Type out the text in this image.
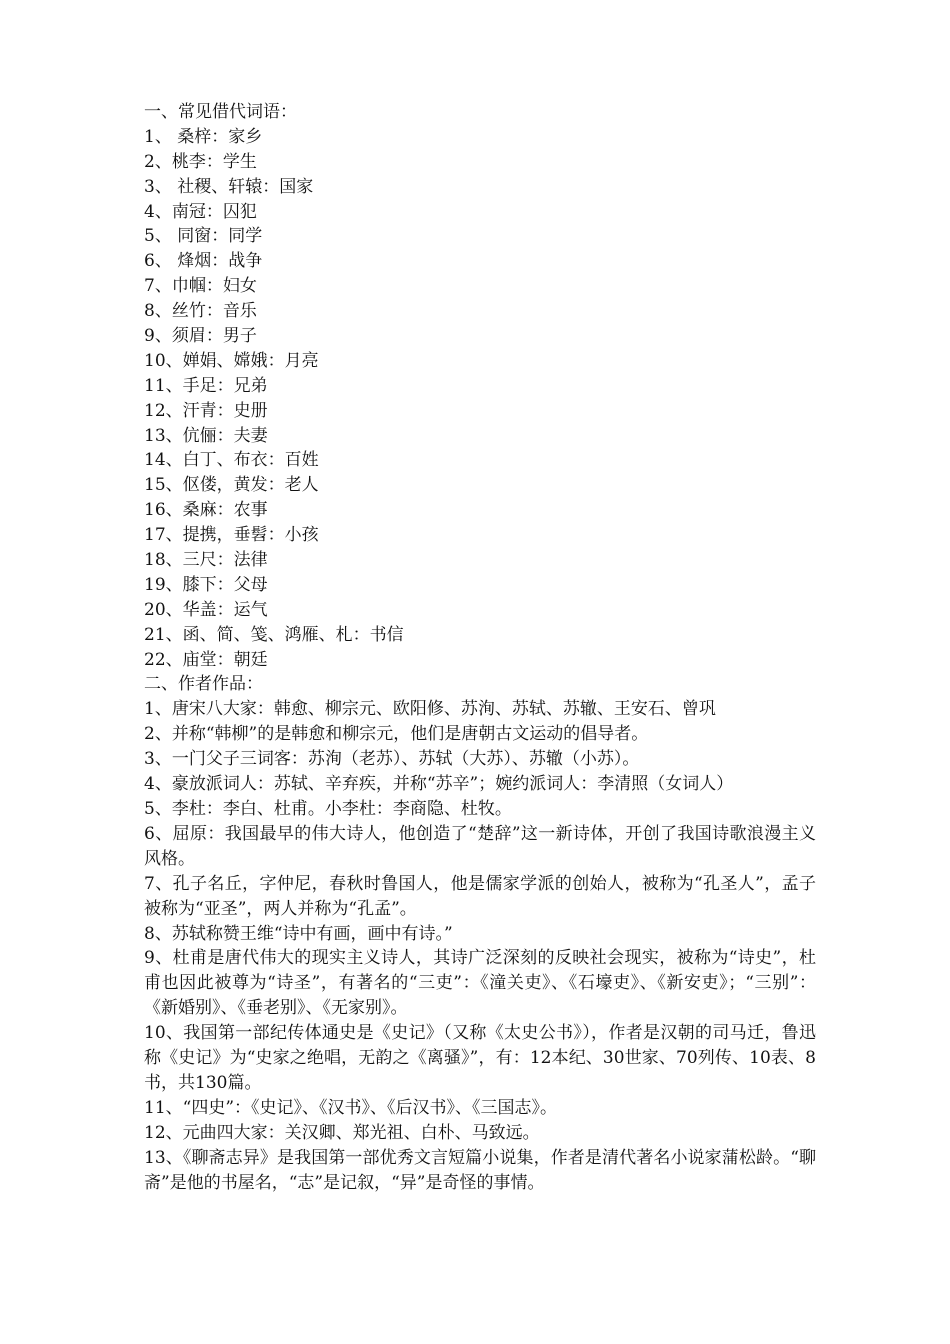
一、常见借代词语：
1、 桑梓：家乡
2、桃李：学生
3、 社稷、轩辕：国家
4、南冠：囚犯
5、 同窗：同学
6、 烽烟：战争
7、巾帼：妇女
8、丝竹：音乐
9、须眉：男子
10、婵娟、嫦娥：月亮
11、手足：兄弟
12、汗青：史册
13、伉俪：夫妻
14、白丁、布衣：百姓
15、伛偻，黄发：老人
16、桑麻：农事
17、提携，垂髫：小孩
18、三尺：法律
19、膝下：父母
20、华盖：运气
21、函、简、笺、鸿雁、札：书信
22、庙堂：朝廷
二、作者作品：
1、唐宋八大家：韩愈、柳宗元、欧阳修、苏洵、苏轼、苏辙、王安石、曾巩
2、并称“韩柳”的是韩愈和柳宗元，他们是唐朝古文运动的倡导者。
3、一门父子三词客：苏洵（老苏）、苏轼（大苏）、苏辙（小苏）。
4、豪放派词人：苏轼、辛弃疾，并称“苏辛”；婉约派词人：李清照（女词人）
5、李杜：李白、杜甫。小李杜：李商隐、杜牧。
6、屈原：我国最早的伟大诗人，他创造了“楚辞”这一新诗体，开创了我国诗歌浪漫主义风格。
7、孔子名丘，字仲尼，春秋时鲁国人，他是儒家学派的创始人，被称为“孔圣人”，孟子被称为“亚圣”，两人并称为“孔孟”。
8、苏轼称赞王维“诗中有画，画中有诗。”
9、杜甫是唐代伟大的现实主义诗人，其诗广泛深刻的反映社会现实，被称为“诗史”，杜甫也因此被尊为“诗圣”，有著名的“三吏”：《潼关吏》、《石壕吏》、《新安吏》；“三别”：《新婚别》、《垂老别》、《无家别》。
10、我国第一部纪传体通史是《史记》（又称《太史公书》），作者是汉朝的司马迁，鲁迅称《史记》为“史家之绝唱，无韵之《离骚》”，有：12本纪、30世家、70列传、10表、8书，共130篇。
11、“四史”：《史记》、《汉书》、《后汉书》、《三国志》。
12、元曲四大家：关汉卿、郑光祖、白朴、马致远。
13、《聊斋志异》是我国第一部优秀文言短篇小说集，作者是清代著名小说家蒲松龄。“聊斋”是他的书屋名，“志”是记叙，“异”是奇怪的事情。
